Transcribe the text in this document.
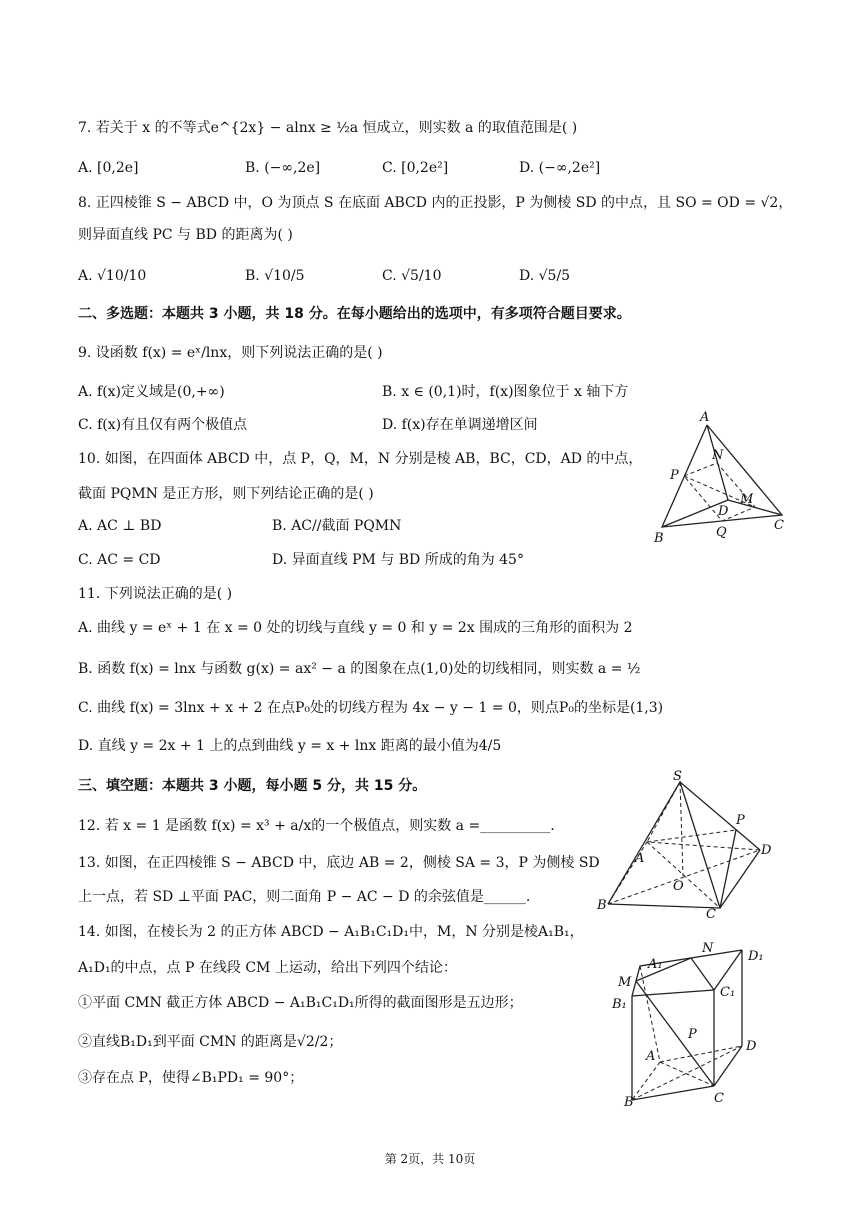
7. 若关于 x 的不等式e^{2x} − alnx ≥ ½a 恒成立，则实数 a 的取值范围是( )
A. [0,2e]	B. (−∞,2e]	C. [0,2e²]	D. (−∞,2e²]
8. 正四棱锥 S − ABCD 中，O 为顶点 S 在底面 ABCD 内的正投影，P 为侧棱 SD 的中点，且 SO = OD = √2，
则异面直线 PC 与 BD 的距离为( )
A. √10/10	B. √10/5	C. √5/10	D. √5/5
二、多选题：本题共 3 小题，共 18 分。在每小题给出的选项中，有多项符合题目要求。
9. 设函数 f(x) = eˣ/lnx，则下列说法正确的是( )
A. f(x)定义域是(0,+∞)	B. x ∈ (0,1)时，f(x)图象位于 x 轴下方
C. f(x)有且仅有两个极值点	D. f(x)存在单调递增区间
10. 如图，在四面体 ABCD 中，点 P，Q，M，N 分别是棱 AB，BC，CD，AD 的中点，
截面 PQMN 是正方形，则下列结论正确的是( )
A. AC ⊥ BD	B. AC//截面 PQMN
C. AC = CD	D. 异面直线 PM 与 BD 所成的角为 45°
A
P
N
M
D
B	Q	C
11. 下列说法正确的是( )
A. 曲线 y = eˣ + 1 在 x = 0 处的切线与直线 y = 0 和 y = 2x 围成的三角形的面积为 2
B. 函数 f(x) = lnx 与函数 g(x) = ax² − a 的图象在点(1,0)处的切线相同，则实数 a = ½
C. 曲线 f(x) = 3lnx + x + 2 在点P₀处的切线方程为 4x − y − 1 = 0，则点P₀的坐标是(1,3)
D. 直线 y = 2x + 1 上的点到曲线 y = x + lnx 距离的最小值为4/5
三、填空题：本题共 3 小题，每小题 5 分，共 15 分。
12. 若 x = 1 是函数 f(x) = x³ + a/x的一个极值点，则实数 a =__________.
13. 如图，在正四棱锥 S − ABCD 中，底边 AB = 2，侧棱 SA = 3，P 为侧棱 SD
上一点，若 SD ⊥平面 PAC，则二面角 P − AC − D 的余弦值是______.
S
P
A
D
O
B
C
14. 如图，在棱长为 2 的正方体 ABCD − A₁B₁C₁D₁中，M，N 分别是棱A₁B₁，
A₁D₁的中点，点 P 在线段 CM 上运动，给出下列四个结论：
①平面 CMN 截正方体 ABCD − A₁B₁C₁D₁所得的截面图形是五边形；
②直线B₁D₁到平面 CMN 的距离是√2/2；
③存在点 P，使得∠B₁PD₁ = 90°；
A₁
N
D₁
M
B₁
C₁
P
A
D
B	C
第 2页，共 10页
